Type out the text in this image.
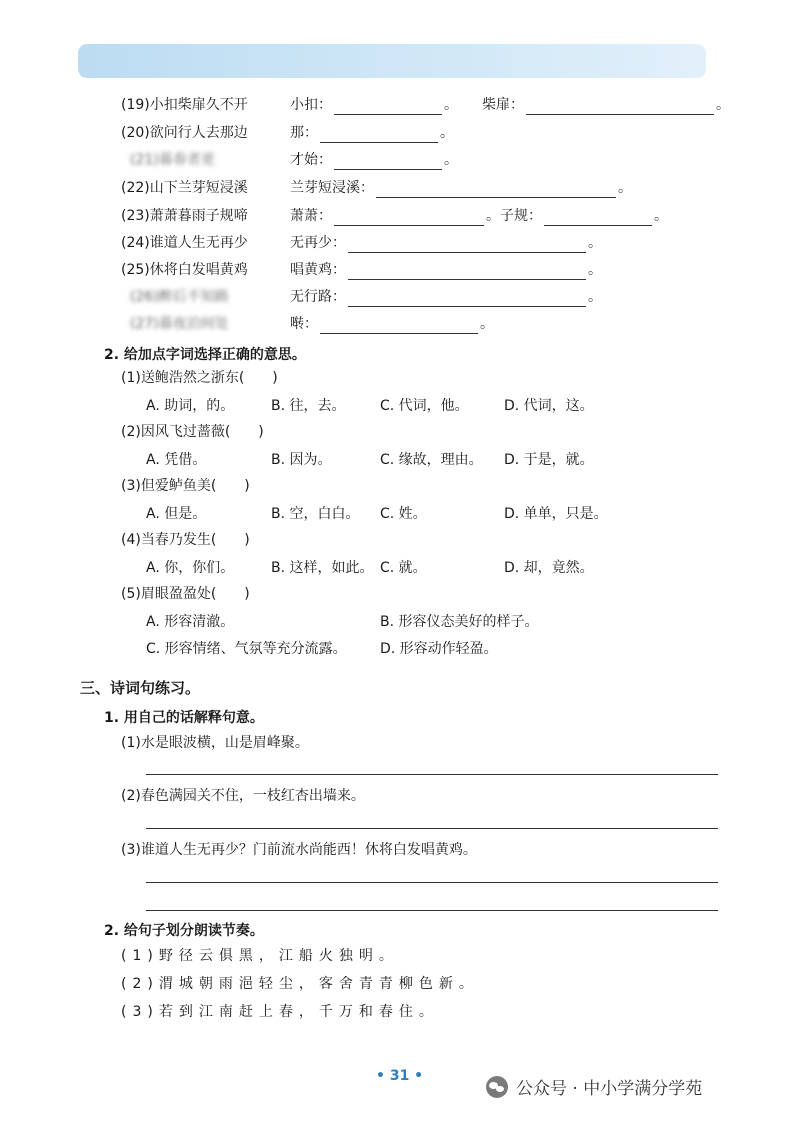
(19)小扣柴扉久不开	小扣：	。 柴扉：	。
(20)欲问行人去那边	那：	。
(21)暮春者更	才始：	。
(22)山下兰芽短浸溪	兰芽短浸溪：	。
(23)萧萧暮雨子规啼	萧萧：	。子规：	。
(24)谁道人生无再少	无再少：	。
(25)休将白发唱黄鸡	唱黄鸡：	。
(26)醉后不知路	无行路：	。
(27)暮夜泊何处	啭：	。
2. 给加点字词选择正确的意思。
(1)送鲍浩然之浙东(　　)
A. 助词，的。	B. 往，去。 C. 代词，他。	D. 代词，这。
(2)因风飞过蔷薇(　　)
A. 凭借。	B. 因为。	C. 缘故，理由。 D. 于是，就。
(3)但爱鲈鱼美(　　)
A. 但是。	B. 空，白白。 C. 姓。	D. 单单，只是。
(4)当春乃发生(　　)
A. 你，你们。	B. 这样，如此。 C. 就。	D. 却，竟然。
(5)眉眼盈盈处(　　)
A. 形容清澈。	B. 形容仪态美好的样子。
C. 形容情绪、气氛等充分流露。 D. 形容动作轻盈。
三、诗词句练习。
1. 用自己的话解释句意。
(1)水是眼波横，山是眉峰聚。
(2)春色满园关不住，一枝红杏出墙来。
(3)谁道人生无再少？门前流水尚能西！休将白发唱黄鸡。
2. 给句子划分朗读节奏。
(1)野径云俱黑，江船火独明。
(2)渭城朝雨浥轻尘，客舍青青柳色新。
(3)若到江南赶上春，千万和春住。
• 31 •
公众号 · 中小学满分学苑
